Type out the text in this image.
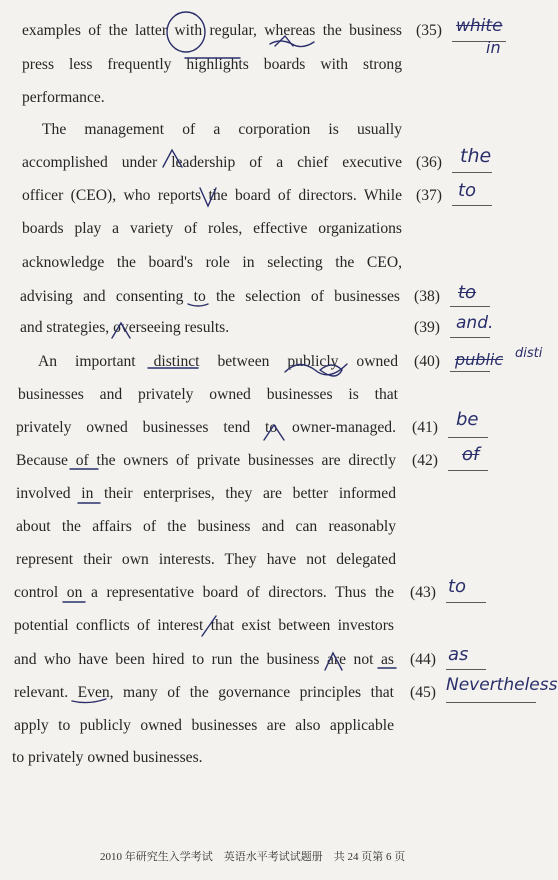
examples of the latter with regular, whereas the business
press less frequently highlights boards with strong
performance.
The management of a corporation is usually
accomplished under leadership of a chief executive
officer (CEO), who reports the board of directors. While
boards play a variety of roles, effective organizations
acknowledge the board's role in selecting the CEO,
advising and consenting to the selection of businesses
and strategies, overseeing results.
An important distinct between publicly owned
businesses and privately owned businesses is that
privately owned businesses tend to owner-managed.
Because of the owners of private businesses are directly
involved in their enterprises, they are better informed
about the affairs of the business and can reasonably
represent their own interests. They have not delegated
control on a representative board of directors. Thus the
potential conflicts of interest that exist between investors
and who have been hired to run the business are not as
relevant. Even, many of the governance principles that
apply to publicly owned businesses are also applicable
to privately owned businesses.
(35)
(36)
(37)
(38)
(39)
(40)
(41)
(42)
(43)
(44)
(45)
white
in
the
to
to
and.
public disti
be
of
to
as
Nevertheless
2010 年研究生入学考试　英语水平考试试题册　共 24 页第 6 页
